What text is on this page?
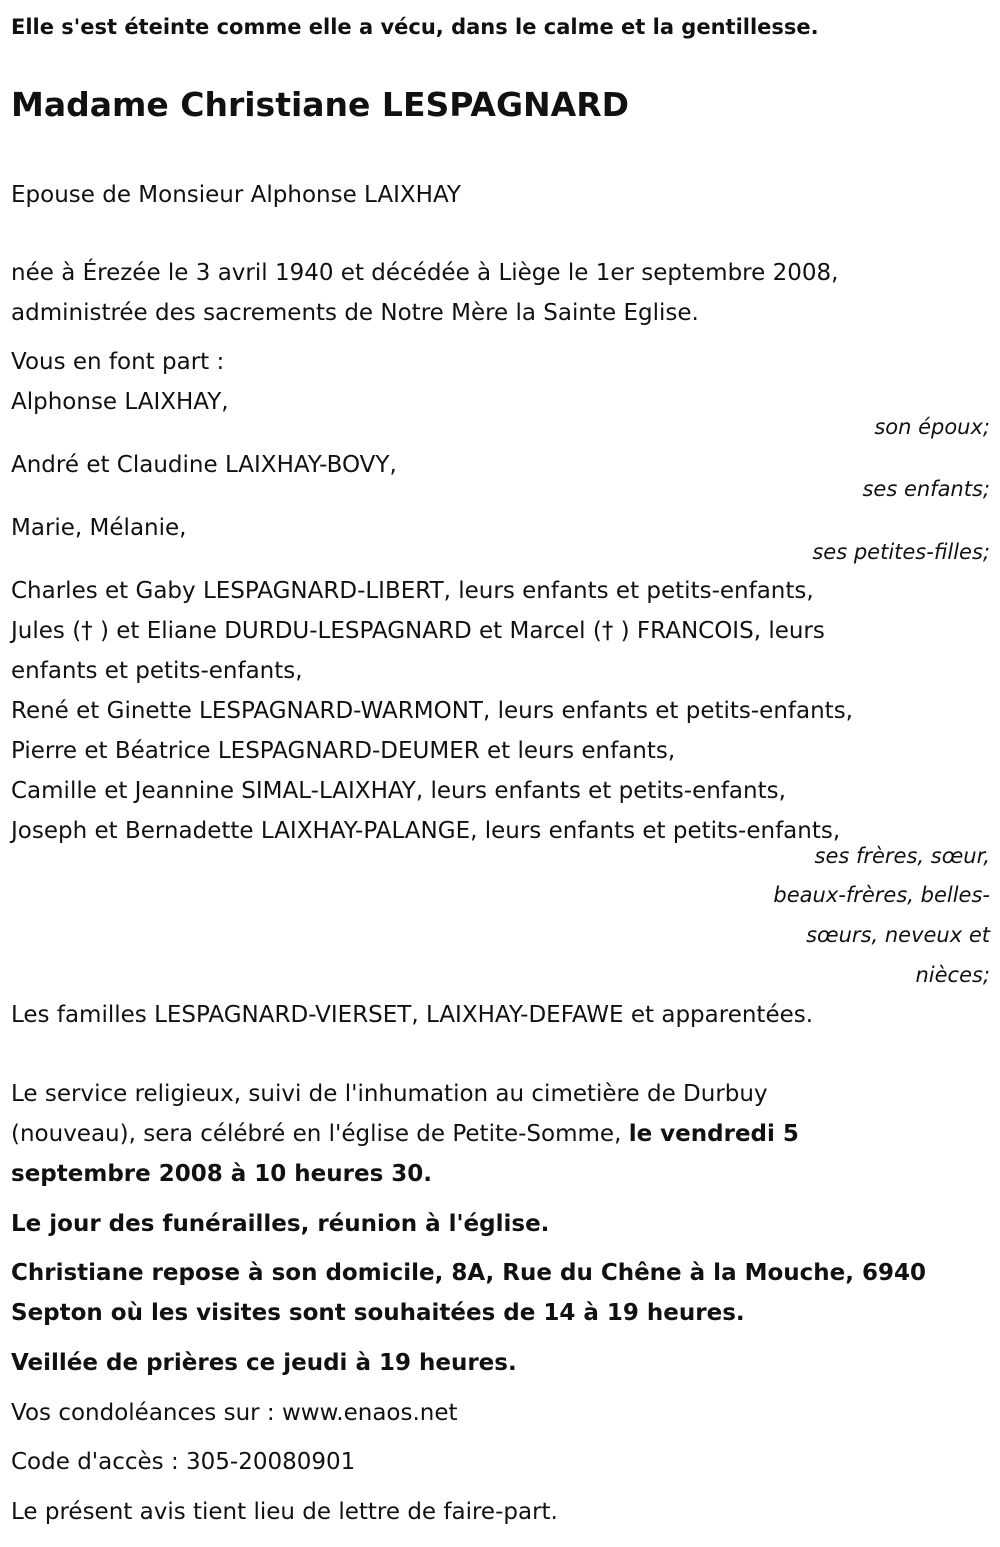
Elle s'est éteinte comme elle a vécu, dans le calme et la gentillesse.
Madame Christiane LESPAGNARD
Epouse de Monsieur Alphonse LAIXHAY
née à Érezée le 3 avril 1940 et décédée à Liège le 1er septembre 2008,
administrée des sacrements de Notre Mère la Sainte Eglise.
Vous en font part :
Alphonse LAIXHAY,
son époux;
André et Claudine LAIXHAY-BOVY,
ses enfants;
Marie, Mélanie,
ses petites-filles;
Charles et Gaby LESPAGNARD-LIBERT, leurs enfants et petits-enfants,
Jules († ) et Eliane DURDU-LESPAGNARD et Marcel († ) FRANCOIS, leurs
enfants et petits-enfants,
René et Ginette LESPAGNARD-WARMONT, leurs enfants et petits-enfants,
Pierre et Béatrice LESPAGNARD-DEUMER et leurs enfants,
Camille et Jeannine SIMAL-LAIXHAY, leurs enfants et petits-enfants,
Joseph et Bernadette LAIXHAY-PALANGE, leurs enfants et petits-enfants,
ses frères, sœur,
beaux-frères, belles-
sœurs, neveux et
nièces;
Les familles LESPAGNARD-VIERSET, LAIXHAY-DEFAWE et apparentées.
Le service religieux, suivi de l'inhumation au cimetière de Durbuy
(nouveau), sera célébré en l'église de Petite-Somme, le vendredi 5
septembre 2008 à 10 heures 30.
Le jour des funérailles, réunion à l'église.
Christiane repose à son domicile, 8A, Rue du Chêne à la Mouche, 6940
Septon où les visites sont souhaitées de 14 à 19 heures.
Veillée de prières ce jeudi à 19 heures.
Vos condoléances sur : www.enaos.net
Code d'accès : 305-20080901
Le présent avis tient lieu de lettre de faire-part.
